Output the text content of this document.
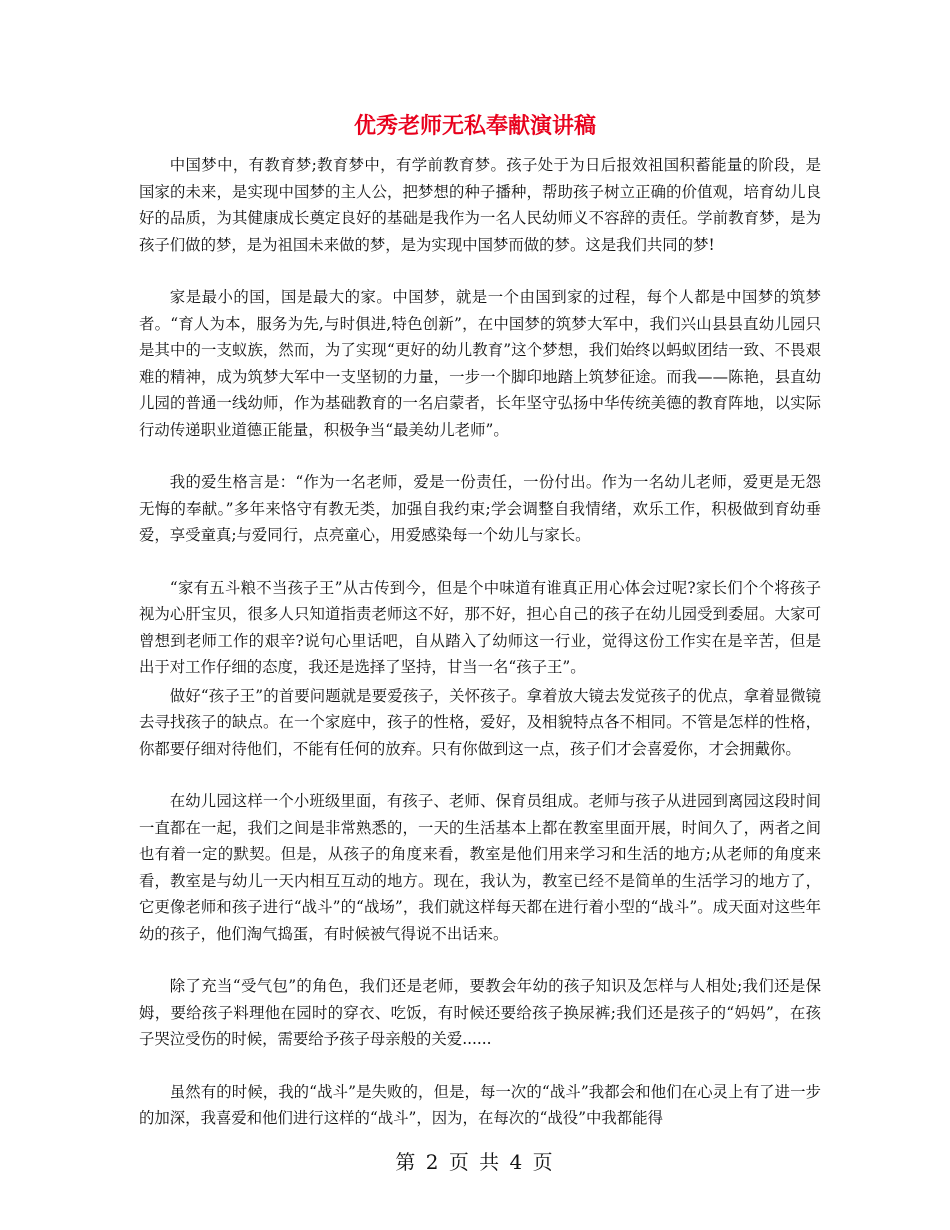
优秀老师无私奉献演讲稿

中国梦中，有教育梦;教育梦中，有学前教育梦。孩子处于为日后报效祖国积蓄能量的阶段，是国家的未来，是实现中国梦的主人公，把梦想的种子播种，帮助孩子树立正确的价值观，培育幼儿良好的品质，为其健康成长奠定良好的基础是我作为一名人民幼师义不容辞的责任。学前教育梦，是为孩子们做的梦，是为祖国未来做的梦，是为实现中国梦而做的梦。这是我们共同的梦!

家是最小的国，国是最大的家。中国梦，就是一个由国到家的过程，每个人都是中国梦的筑梦者。“育人为本，服务为先,与时俱进,特色创新”，在中国梦的筑梦大军中，我们兴山县县直幼儿园只是其中的一支蚁族，然而，为了实现“更好的幼儿教育”这个梦想，我们始终以蚂蚁团结一致、不畏艰难的精神，成为筑梦大军中一支坚韧的力量，一步一个脚印地踏上筑梦征途。而我——陈艳，县直幼儿园的普通一线幼师，作为基础教育的一名启蒙者，长年坚守弘扬中华传统美德的教育阵地，以实际行动传递职业道德正能量，积极争当“最美幼儿老师”。

我的爱生格言是：“作为一名老师，爱是一份责任，一份付出。作为一名幼儿老师，爱更是无怨无悔的奉献。”多年来恪守有教无类，加强自我约束;学会调整自我情绪，欢乐工作，积极做到育幼垂爱，享受童真;与爱同行，点亮童心，用爱感染每一个幼儿与家长。

“家有五斗粮不当孩子王”从古传到今，但是个中味道有谁真正用心体会过呢?家长们个个将孩子视为心肝宝贝，很多人只知道指责老师这不好，那不好，担心自己的孩子在幼儿园受到委屈。大家可曾想到老师工作的艰辛?说句心里话吧，自从踏入了幼师这一行业，觉得这份工作实在是辛苦，但是出于对工作仔细的态度，我还是选择了坚持，甘当一名“孩子王”。

做好“孩子王”的首要问题就是要爱孩子，关怀孩子。拿着放大镜去发觉孩子的优点，拿着显微镜去寻找孩子的缺点。在一个家庭中，孩子的性格，爱好，及相貌特点各不相同。不管是怎样的性格，你都要仔细对待他们，不能有任何的放弃。只有你做到这一点，孩子们才会喜爱你，才会拥戴你。

在幼儿园这样一个小班级里面，有孩子、老师、保育员组成。老师与孩子从进园到离园这段时间一直都在一起，我们之间是非常熟悉的，一天的生活基本上都在教室里面开展，时间久了，两者之间也有着一定的默契。但是，从孩子的角度来看，教室是他们用来学习和生活的地方;从老师的角度来看，教室是与幼儿一天内相互互动的地方。现在，我认为，教室已经不是简单的生活学习的地方了，它更像老师和孩子进行“战斗”的“战场”，我们就这样每天都在进行着小型的“战斗”。成天面对这些年幼的孩子，他们淘气捣蛋，有时候被气得说不出话来。

除了充当“受气包”的角色，我们还是老师，要教会年幼的孩子知识及怎样与人相处;我们还是保姆，要给孩子料理他在园时的穿衣、吃饭，有时候还要给孩子换尿裤;我们还是孩子的“妈妈”，在孩子哭泣受伤的时候，需要给予孩子母亲般的关爱......

虽然有的时候，我的“战斗”是失败的，但是，每一次的“战斗”我都会和他们在心灵上有了进一步的加深，我喜爱和他们进行这样的“战斗”，因为，在每次的“战役”中我都能得

第 2 页 共 4 页
